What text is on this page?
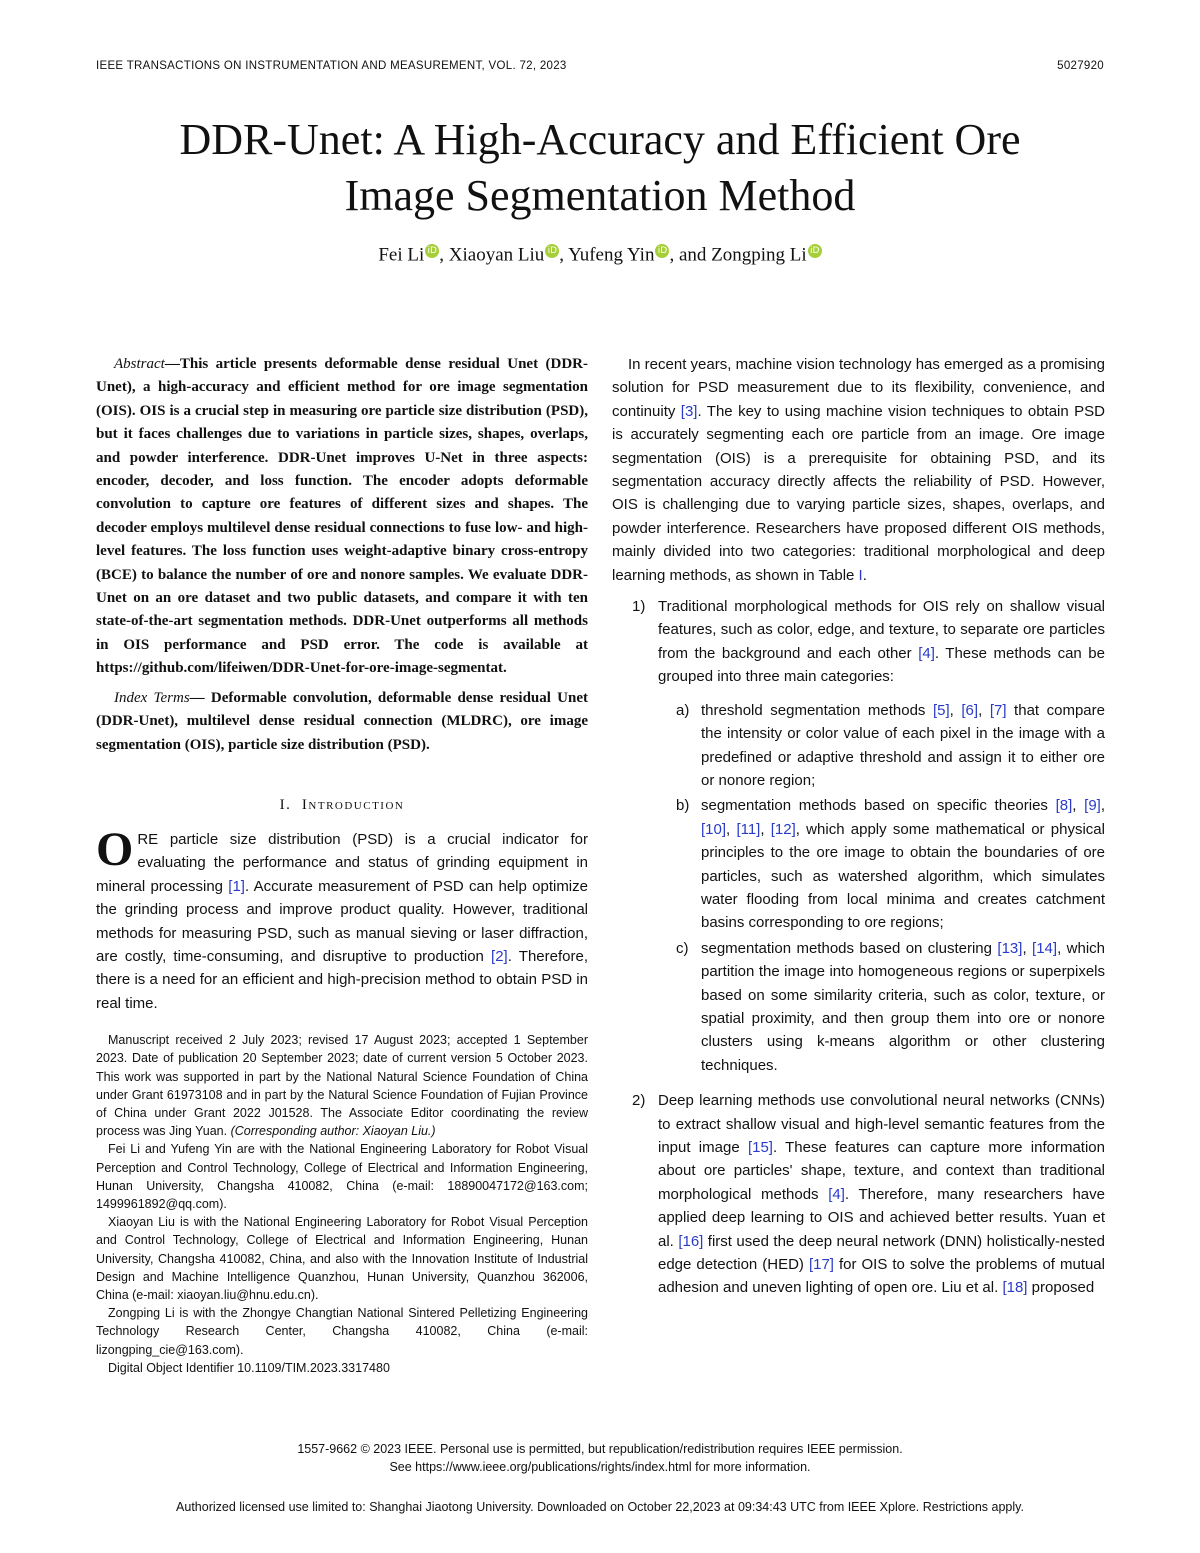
IEEE TRANSACTIONS ON INSTRUMENTATION AND MEASUREMENT, VOL. 72, 2023	5027920
DDR-Unet: A High-Accuracy and Efficient Ore
Image Segmentation Method
Fei Li iD , Xiaoyan Liu iD , Yufeng Yin iD , and Zongping Li iD

Abstract—This article presents deformable dense residual Unet (DDR-Unet), a high-accuracy and efficient method for ore image segmentation (OIS). OIS is a crucial step in measuring ore particle size distribution (PSD), but it faces challenges due to variations in particle sizes, shapes, overlaps, and powder interference. DDR-Unet improves U-Net in three aspects: encoder, decoder, and loss function. The encoder adopts deformable convolution to capture ore features of different sizes and shapes. The decoder employs multilevel dense residual connections to fuse low- and high-level features. The loss function uses weight-adaptive binary cross-entropy (BCE) to balance the number of ore and nonore samples. We evaluate DDR-Unet on an ore dataset and two public datasets, and compare it with ten state-of-the-art segmentation methods. DDR-Unet outperforms all methods in OIS performance and PSD error. The code is available at https://github.com/lifeiwen/DDR-Unet-for-ore-image-segmentat.

Index Terms— Deformable convolution, deformable dense residual Unet (DDR-Unet), multilevel dense residual connection (MLDRC), ore image segmentation (OIS), particle size distribution (PSD).

I. Introduction

ORE particle size distribution (PSD) is a crucial indicator for evaluating the performance and status of grinding equipment in mineral processing [1]. Accurate measurement of PSD can help optimize the grinding process and improve product quality. However, traditional methods for measuring PSD, such as manual sieving or laser diffraction, are costly, time-consuming, and disruptive to production [2]. Therefore, there is a need for an efficient and high-precision method to obtain PSD in real time.

Manuscript received 2 July 2023; revised 17 August 2023; accepted 1 September 2023. Date of publication 20 September 2023; date of current version 5 October 2023. This work was supported in part by the National Natural Science Foundation of China under Grant 61973108 and in part by the Natural Science Foundation of Fujian Province of China under Grant 2022 J01528. The Associate Editor coordinating the review process was Jing Yuan. (Corresponding author: Xiaoyan Liu.)

Fei Li and Yufeng Yin are with the National Engineering Laboratory for Robot Visual Perception and Control Technology, College of Electrical and Information Engineering, Hunan University, Changsha 410082, China (e-mail: 18890047172@163.com; 1499961892@qq.com).

Xiaoyan Liu is with the National Engineering Laboratory for Robot Visual Perception and Control Technology, College of Electrical and Information Engineering, Hunan University, Changsha 410082, China, and also with the Innovation Institute of Industrial Design and Machine Intelligence Quanzhou, Hunan University, Quanzhou 362006, China (e-mail: xiaoyan.liu@hnu.edu.cn).

Zongping Li is with the Zhongye Changtian National Sintered Pelletizing Engineering Technology Research Center, Changsha 410082, China (e-mail: lizongping_cie@163.com).

Digital Object Identifier 10.1109/TIM.2023.3317480

In recent years, machine vision technology has emerged as a promising solution for PSD measurement due to its flexibility, convenience, and continuity [3]. The key to using machine vision techniques to obtain PSD is accurately segmenting each ore particle from an image. Ore image segmentation (OIS) is a prerequisite for obtaining PSD, and its segmentation accuracy directly affects the reliability of PSD. However, OIS is challenging due to varying particle sizes, shapes, overlaps, and powder interference. Researchers have proposed different OIS methods, mainly divided into two categories: traditional morphological and deep learning methods, as shown in Table I.

1) Traditional morphological methods for OIS rely on shallow visual features, such as color, edge, and texture, to separate ore particles from the background and each other [4]. These methods can be grouped into three main categories:
a) threshold segmentation methods [5], [6], [7] that compare the intensity or color value of each pixel in the image with a predefined or adaptive threshold and assign it to either ore or nonore region;
b) segmentation methods based on specific theories [8], [9], [10], [11], [12], which apply some mathematical or physical principles to the ore image to obtain the boundaries of ore particles, such as watershed algorithm, which simulates water flooding from local minima and creates catchment basins corresponding to ore regions;
c) segmentation methods based on clustering [13], [14], which partition the image into homogeneous regions or superpixels based on some similarity criteria, such as color, texture, or spatial proximity, and then group them into ore or nonore clusters using k-means algorithm or other clustering techniques.
2) Deep learning methods use convolutional neural networks (CNNs) to extract shallow visual and high-level semantic features from the input image [15]. These features can capture more information about ore particles' shape, texture, and context than traditional morphological methods [4]. Therefore, many researchers have applied deep learning to OIS and achieved better results. Yuan et al. [16] first used the deep neural network (DNN) holistically-nested edge detection (HED) [17] for OIS to solve the problems of mutual adhesion and uneven lighting of open ore. Liu et al. [18] proposed
1557-9662 © 2023 IEEE. Personal use is permitted, but republication/redistribution requires IEEE permission.
See https://www.ieee.org/publications/rights/index.html for more information.
Authorized licensed use limited to: Shanghai Jiaotong University. Downloaded on October 22,2023 at 09:34:43 UTC from IEEE Xplore. Restrictions apply.
